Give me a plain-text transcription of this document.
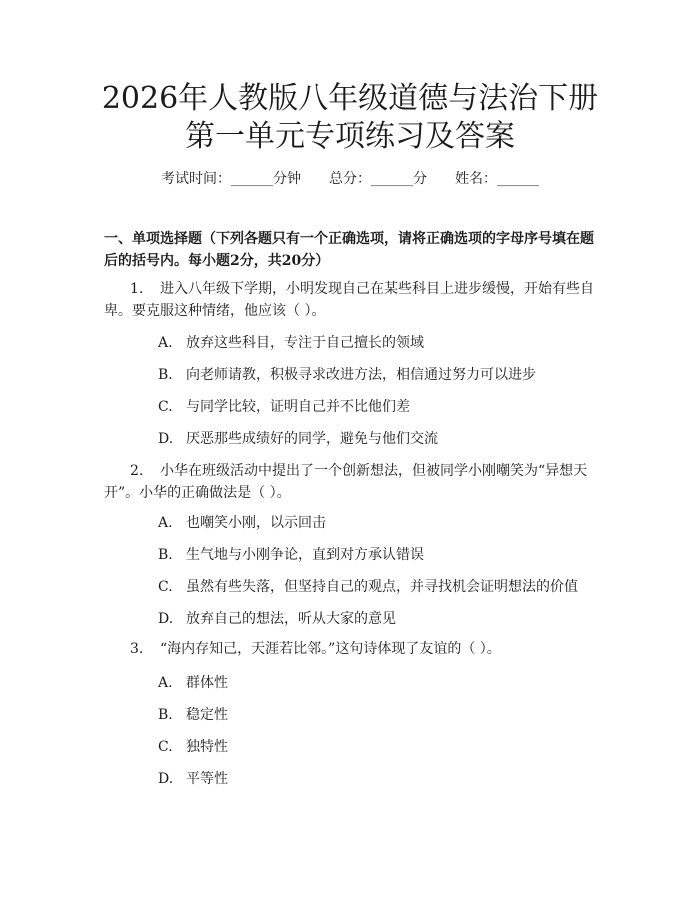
2026年人教版八年级道德与法治下册第一单元专项练习及答案
考试时间：______分钟 总分：______分 姓名：______

一、单项选择题（下列各题只有一个正确选项，请将正确选项的字母序号填在题后的括号内。每小题2分，共20分）

1. 进入八年级下学期，小明发现自己在某些科目上进步缓慢，开始有些自卑。要克服这种情绪，他应该（ ）。

A. 放弃这些科目，专注于自己擅长的领域
B. 向老师请教，积极寻求改进方法，相信通过努力可以进步
C. 与同学比较，证明自己并不比他们差
D. 厌恶那些成绩好的同学，避免与他们交流

2. 小华在班级活动中提出了一个创新想法，但被同学小刚嘲笑为“异想天开”。小华的正确做法是（ ）。

A. 也嘲笑小刚，以示回击
B. 生气地与小刚争论，直到对方承认错误
C. 虽然有些失落，但坚持自己的观点，并寻找机会证明想法的价值
D. 放弃自己的想法，听从大家的意见

3. “海内存知己，天涯若比邻。”这句诗体现了友谊的（ ）。

A. 群体性
B. 稳定性
C. 独特性
D. 平等性
